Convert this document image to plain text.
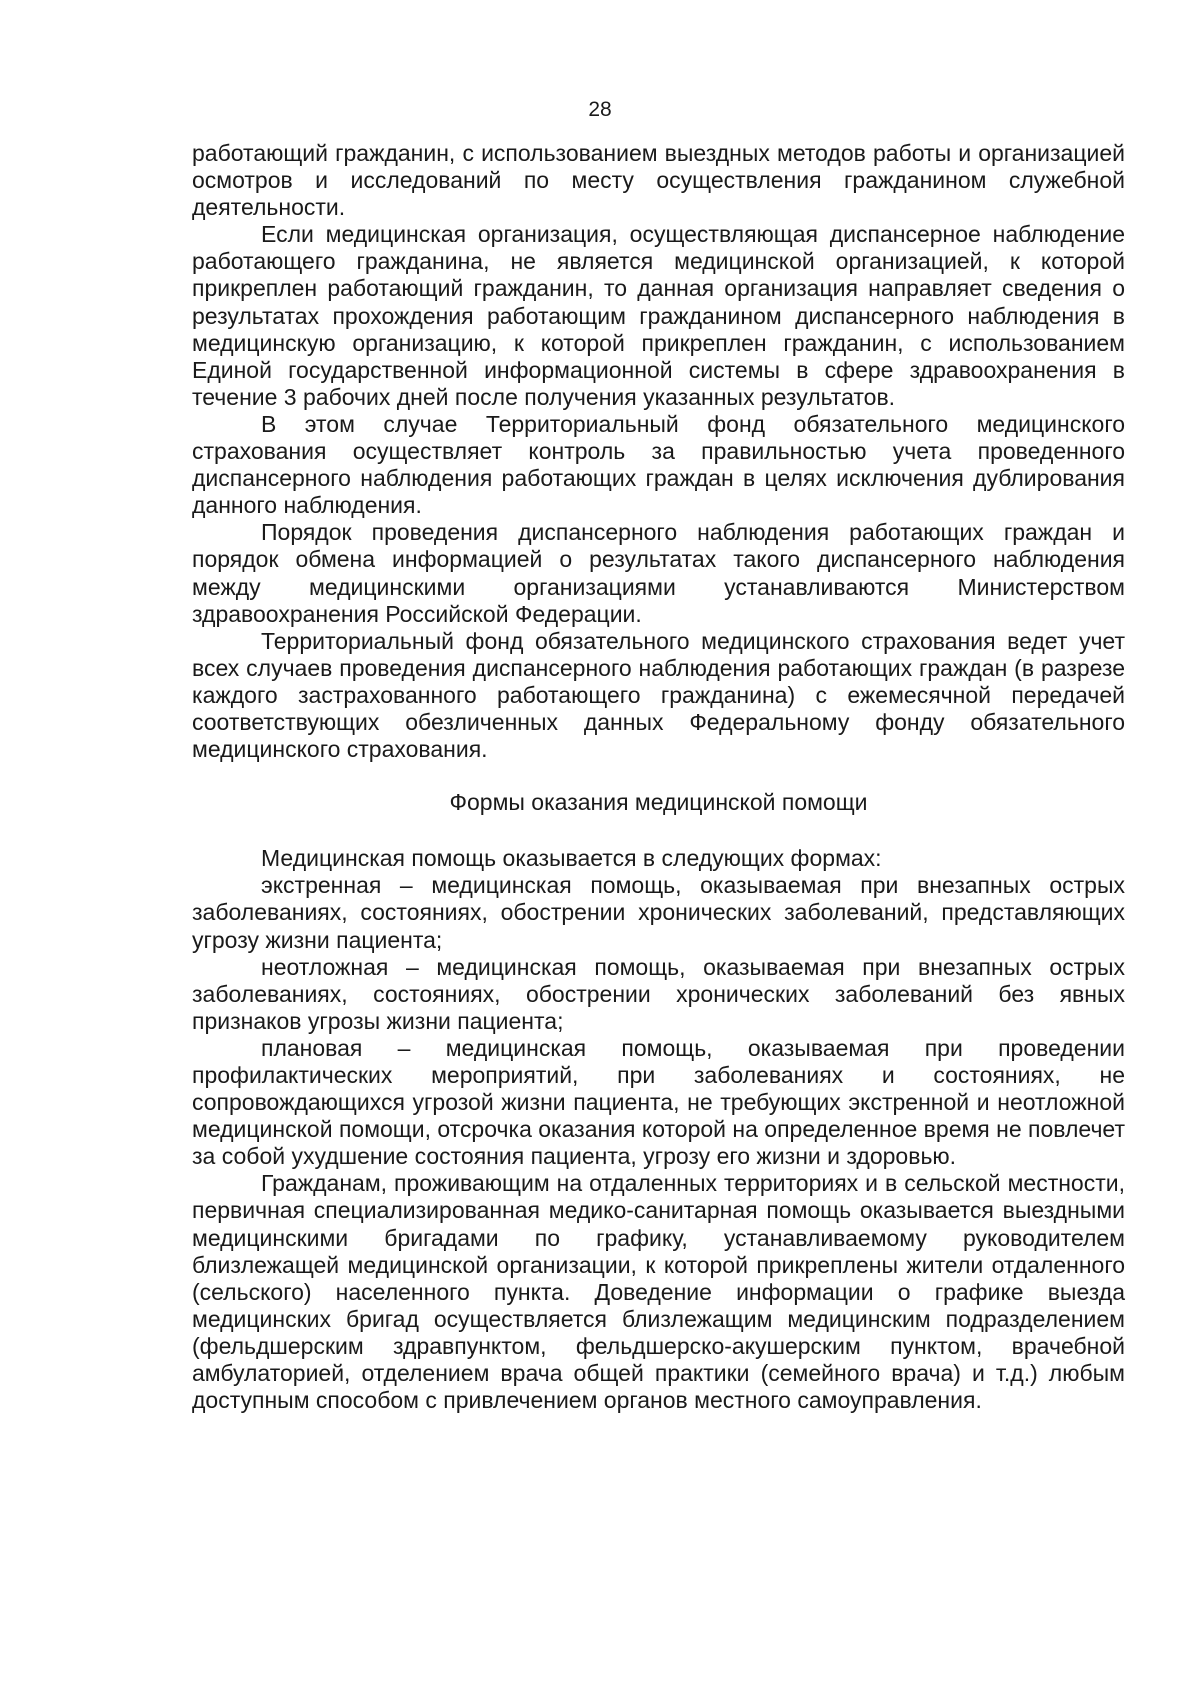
28

работающий гражданин, с использованием выездных методов работы и организацией осмотров и исследований по месту осуществления гражданином служебной деятельности.

Если медицинская организация, осуществляющая диспансерное наблюдение работающего гражданина, не является медицинской организацией, к которой прикреплен работающий гражданин, то данная организация направляет сведения о результатах прохождения работающим гражданином диспансерного наблюдения в медицинскую организацию, к которой прикреплен гражданин, с использованием Единой государственной информационной системы в сфере здравоохранения в течение 3 рабочих дней после получения указанных результатов.

В этом случае Территориальный фонд обязательного медицинского страхования осуществляет контроль за правильностью учета проведенного диспансерного наблюдения работающих граждан в целях исключения дублирования данного наблюдения.

Порядок проведения диспансерного наблюдения работающих граждан и порядок обмена информацией о результатах такого диспансерного наблюдения между медицинскими организациями устанавливаются Министерством здравоохранения Российской Федерации.

Территориальный фонд обязательного медицинского страхования ведет учет всех случаев проведения диспансерного наблюдения работающих граждан (в разрезе каждого застрахованного работающего гражданина) с ежемесячной передачей соответствующих обезличенных данных Федеральному фонду обязательного медицинского страхования.

Формы оказания медицинской помощи

Медицинская помощь оказывается в следующих формах:

экстренная – медицинская помощь, оказываемая при внезапных острых заболеваниях, состояниях, обострении хронических заболеваний, представляющих угрозу жизни пациента;

неотложная – медицинская помощь, оказываемая при внезапных острых заболеваниях, состояниях, обострении хронических заболеваний без явных признаков угрозы жизни пациента;

плановая – медицинская помощь, оказываемая при проведении профилактических мероприятий, при заболеваниях и состояниях, не сопровождающихся угрозой жизни пациента, не требующих экстренной и неотложной медицинской помощи, отсрочка оказания которой на определенное время не повлечет за собой ухудшение состояния пациента, угрозу его жизни и здоровью.

Гражданам, проживающим на отдаленных территориях и в сельской местности, первичная специализированная медико-санитарная помощь оказывается выездными медицинскими бригадами по графику, устанавливаемому руководителем близлежащей медицинской организации, к которой прикреплены жители отдаленного (сельского) населенного пункта. Доведение информации о графике выезда медицинских бригад осуществляется близлежащим медицинским подразделением (фельдшерским здравпунктом, фельдшерско-акушерским пунктом, врачебной амбулаторией, отделением врача общей практики (семейного врача) и т.д.) любым доступным способом с привлечением органов местного самоуправления.
